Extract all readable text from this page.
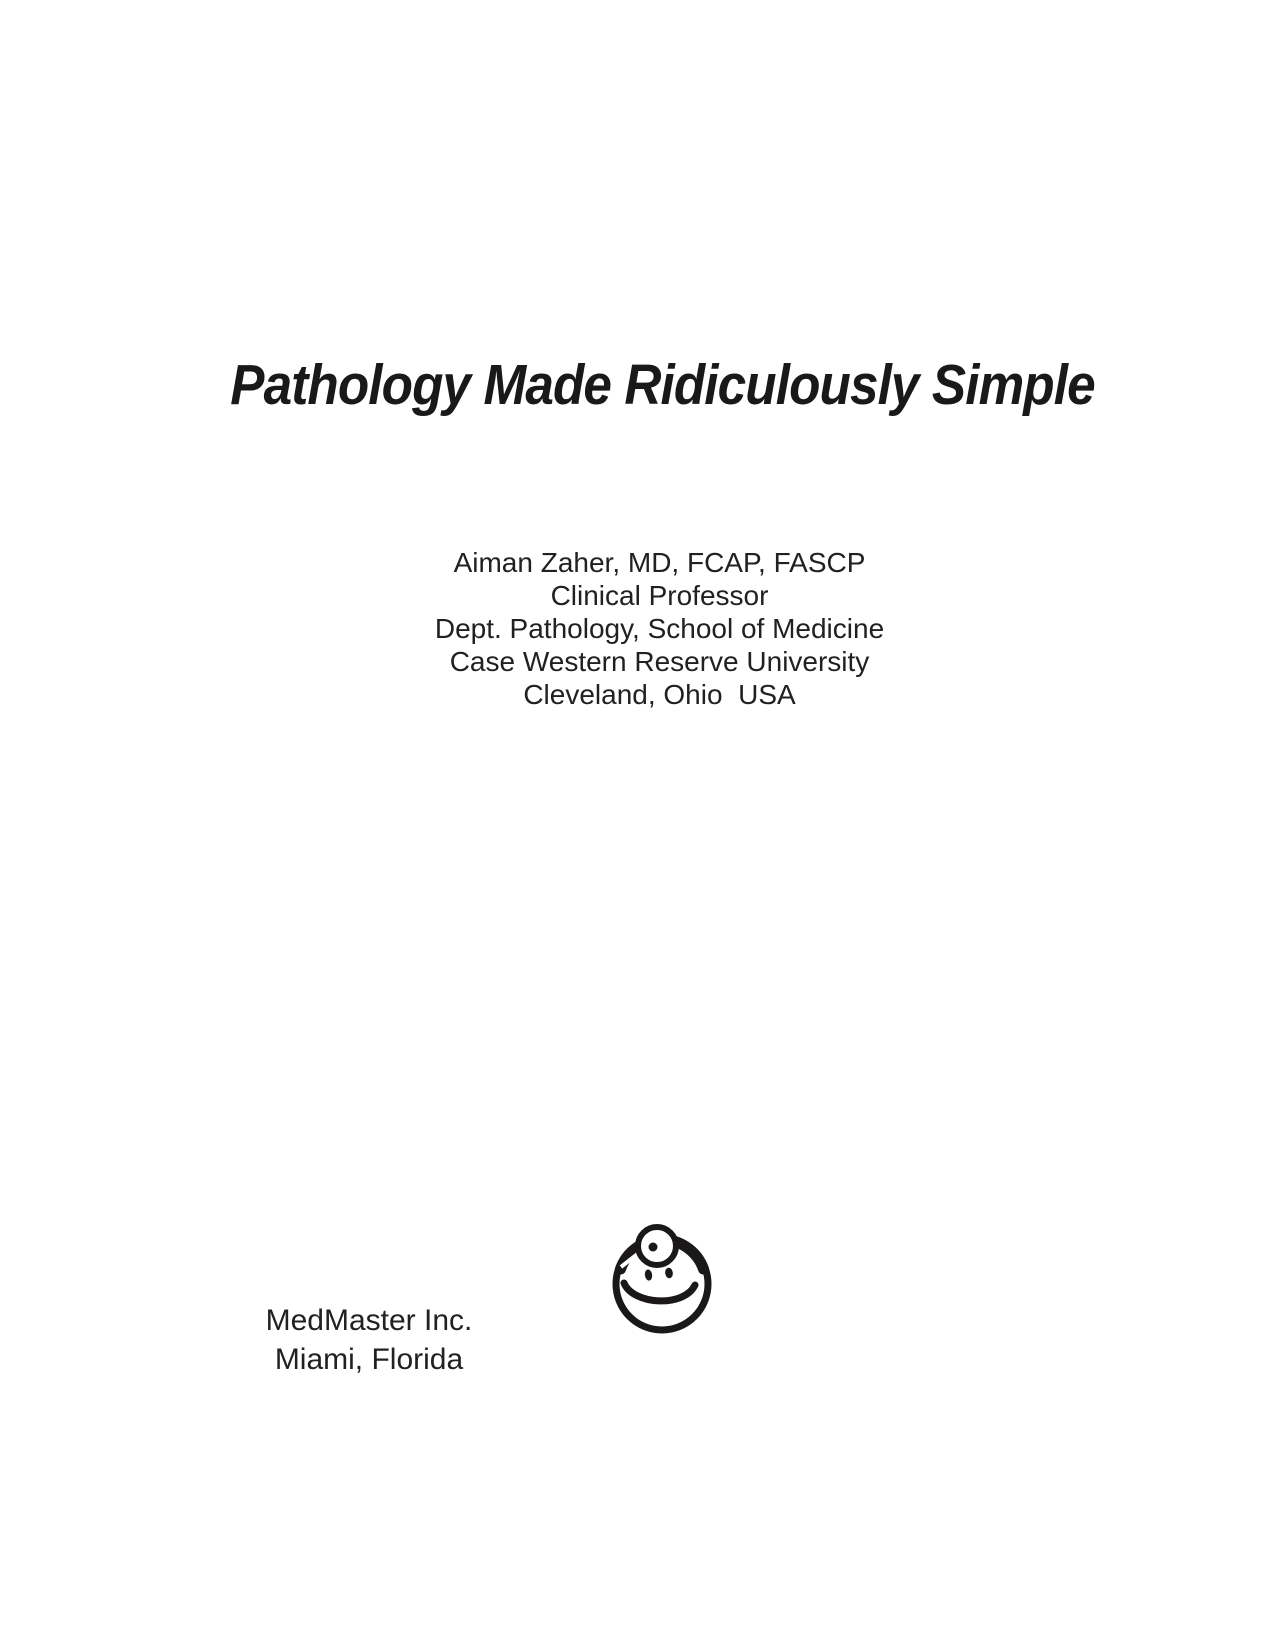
Pathology Made Ridiculously Simple
Aiman Zaher, MD, FCAP, FASCP
Clinical Professor
Dept. Pathology, School of Medicine
Case Western Reserve University
Cleveland, Ohio  USA
MedMaster Inc.
Miami, Florida
